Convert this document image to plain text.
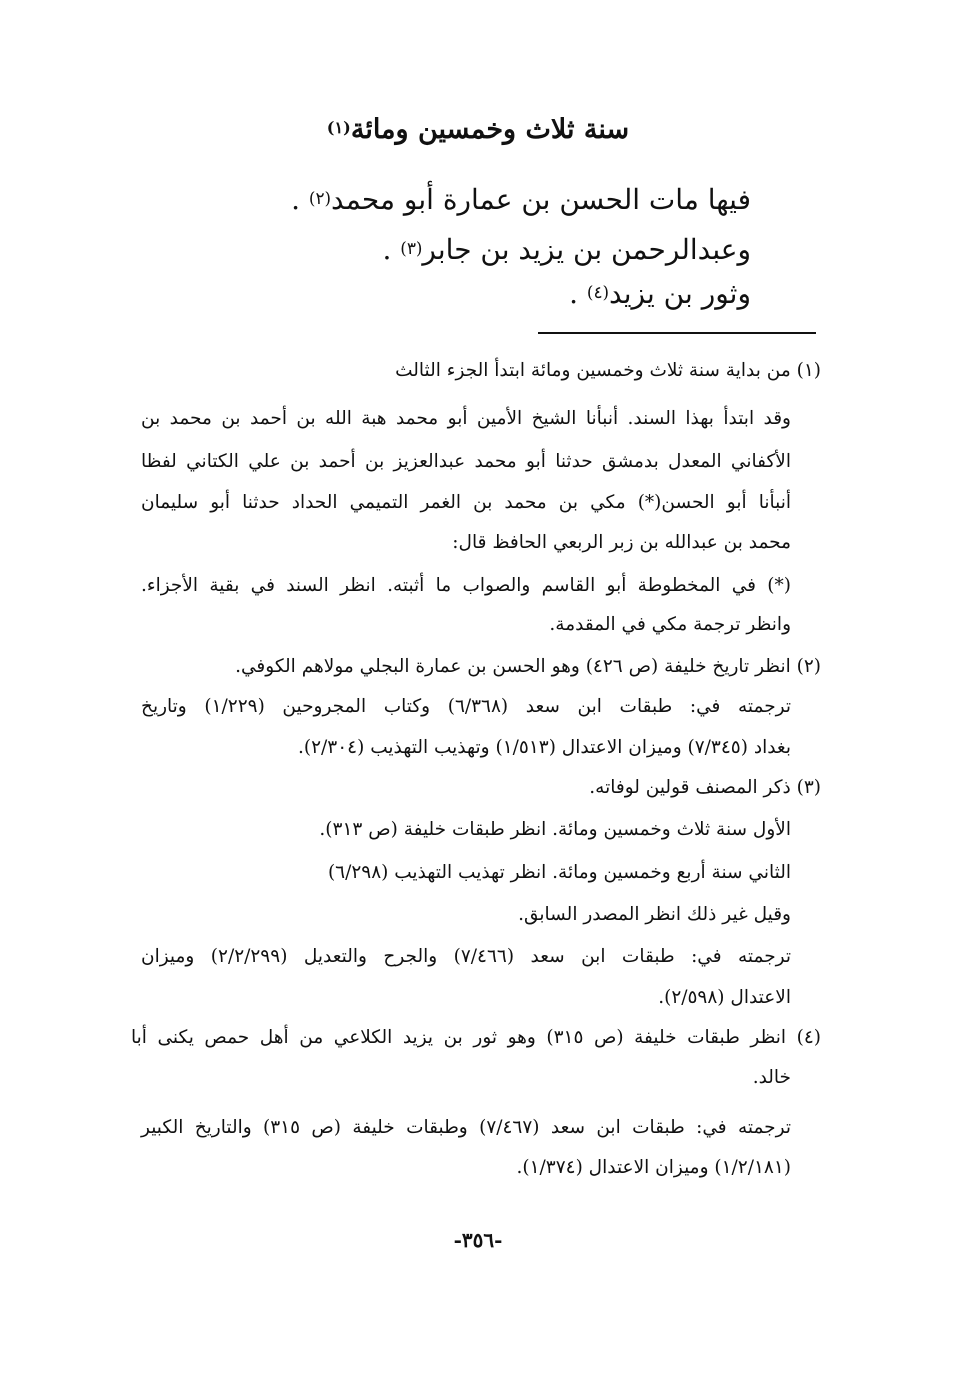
سنة ثلاث وخمسين ومائة$^{(١)}$
فيها مات الحسن بن عمارة أبو محمد$^{(٢)}$ .
وعبدالرحمن بن يزيد بن جابر$^{(٣)}$ .
وثور بن يزيد$^{(٤)}$ .
(١) من بداية سنة ثلاث وخمسين ومائة ابتدأ الجزء الثالث
وقد ابتدأ بهذا السند. أنبأنا الشيخ الأمين أبو محمد هبة الله بن أحمد بن محمد بن
الأكفاني المعدل بدمشق حدثنا أبو محمد عبدالعزيز بن أحمد بن علي الكتاني لفظا
أنبأنا أبو الحسن(*) مكي بن محمد بن الغمر التميمي الحداد حدثنا أبو سليمان
محمد بن عبدالله بن زبر الربعي الحافظ قال:
(*) في المخطوطة أبو القاسم والصواب ما أثبته. انظر السند في بقية الأجزاء.
وانظر ترجمة مكي في المقدمة.
(٢) انظر تاريخ خليفة (ص ٤٢٦) وهو الحسن بن عمارة البجلي مولاهم الكوفي.
ترجمته في: طبقات ابن سعد (٦/٣٦٨) وكتاب المجروحين (١/٢٢٩) وتاريخ
بغداد (٧/٣٤٥) وميزان الاعتدال (١/٥١٣) وتهذيب التهذيب (٢/٣٠٤).
(٣) ذكر المصنف قولين لوفاته.
الأول سنة ثلاث وخمسين ومائة. انظر طبقات خليفة (ص ٣١٣).
الثاني سنة أربع وخمسين ومائة. انظر تهذيب التهذيب (٦/٢٩٨)
وقيل غير ذلك انظر المصدر السابق.
ترجمته في: طبقات ابن سعد (٧/٤٦٦) والجرح والتعديل (٢/٢/٢٩٩) وميزان
الاعتدال (٢/٥٩٨).
(٤) انظر طبقات خليفة (ص ٣١٥) وهو ثور بن يزيد الكلاعي من أهل حمص يكنى أبا
خالد.
ترجمته في: طبقات ابن سعد (٧/٤٦٧) وطبقات خليفة (ص ٣١٥) والتاريخ الكبير
(١/٢/١٨١) وميزان الاعتدال (١/٣٧٤).
-٣٥٦-
